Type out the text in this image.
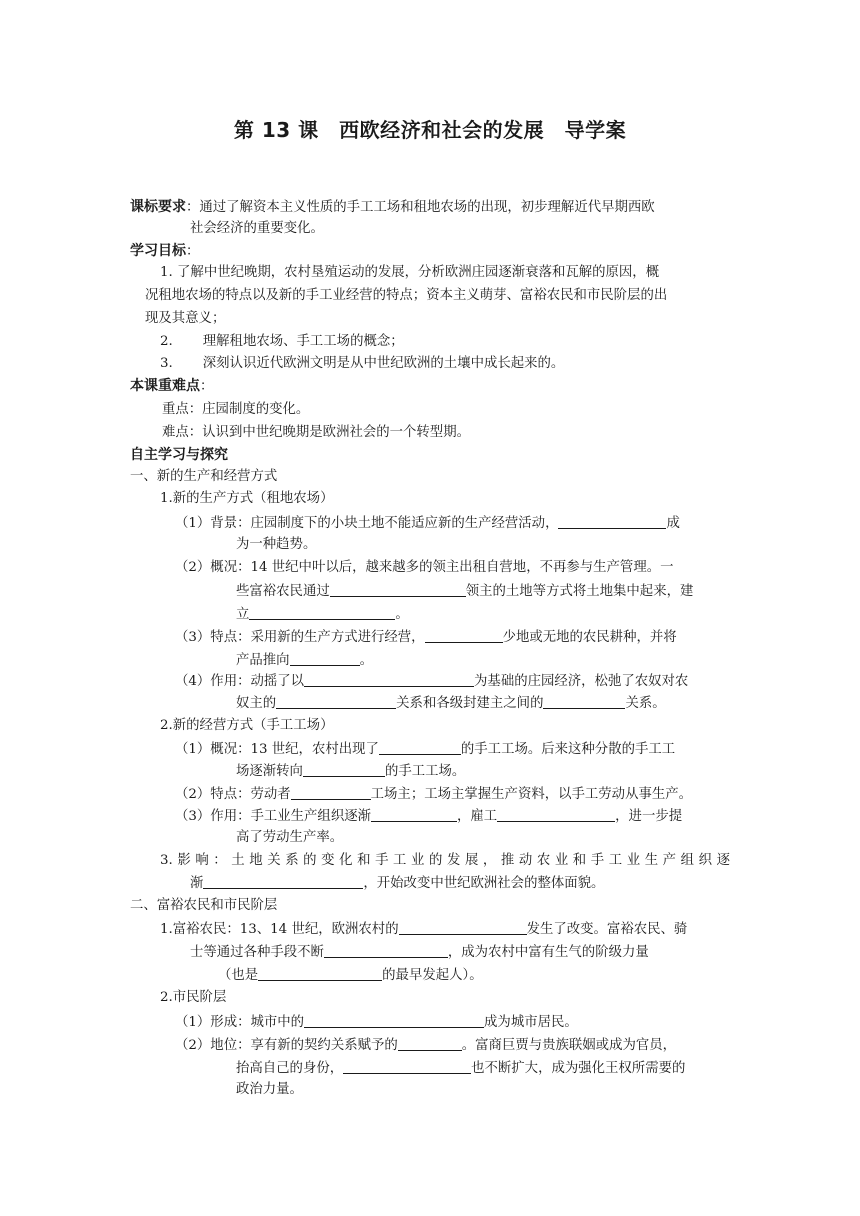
第 13 课　西欧经济和社会的发展　导学案
课标要求：通过了解资本主义性质的手工工场和租地农场的出现，初步理解近代早期西欧
社会经济的重要变化。
学习目标：
1. 了解中世纪晚期，农村垦殖运动的发展，分析欧洲庄园逐渐衰落和瓦解的原因，概
况租地农场的特点以及新的手工业经营的特点；资本主义萌芽、富裕农民和市民阶层的出
现及其意义；
2. 理解租地农场、手工工场的概念；
3. 深刻认识近代欧洲文明是从中世纪欧洲的土壤中成长起来的。
本课重难点：
重点：庄园制度的变化。
难点：认识到中世纪晚期是欧洲社会的一个转型期。
自主学习与探究
一、新的生产和经营方式
1.新的生产方式（租地农场）
（1）背景：庄园制度下的小块土地不能适应新的生产经营活动，	成
为一种趋势。
（2）概况：14 世纪中叶以后，越来越多的领主出租自营地，不再参与生产管理。一
些富裕农民通过	领主的土地等方式将土地集中起来，建
立	。
（3）特点：采用新的生产方式进行经营，	少地或无地的农民耕种，并将
产品推向	。
（4）作用：动摇了以	为基础的庄园经济，松弛了农奴对农
奴主的	关系和各级封建主之间的	关系。
2.新的经营方式（手工工场）
（1）概况：13 世纪，农村出现了	的手工工场。后来这种分散的手工工
场逐渐转向	的手工工场。
（2）特点：劳动者	工场主；工场主掌握生产资料，以手工劳动从事生产。
（3）作用：手工业生产组织逐渐	，雇工	，进一步提
高了劳动生产率。
3.影响：土地关系的变化和手工业的发展，推动农业和手工业生产组织逐
渐	，开始改变中世纪欧洲社会的整体面貌。
二、富裕农民和市民阶层
1.富裕农民：13、14 世纪，欧洲农村的	发生了改变。富裕农民、骑
士等通过各种手段不断	，成为农村中富有生气的阶级力量
（也是	的最早发起人）。
2.市民阶层
（1）形成：城市中的	成为城市居民。
（2）地位：享有新的契约关系赋予的	。富商巨贾与贵族联姻或成为官员，
抬高自己的身份，	也不断扩大，成为强化王权所需要的
政治力量。
